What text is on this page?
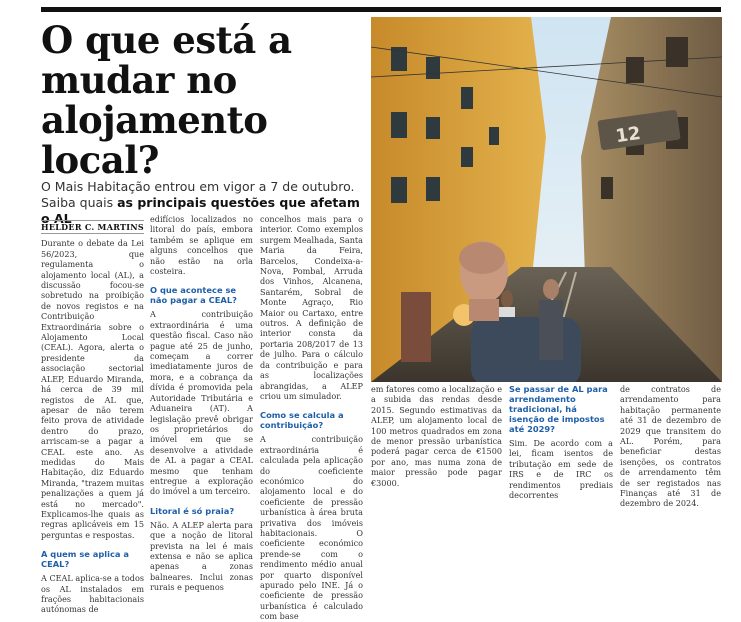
O que está a mudar no alojamento local?
12
O Mais Habitação entrou em vigor a 7 de outubro. Saiba quais as principais questões que afetam o AL
HELDER C. MARTINS

Durante o debate da Lei 56/2023, que regulamenta o alojamento local (AL), a discussão focou-se sobretudo na proibição de novos registos e na Contribuição Extraordinária sobre o Alojamento Local (CEAL). Agora, alerta o presidente da associação sectorial ALEP, Eduardo Miranda, há cerca de 39 mil registos de AL que, apesar de não terem feito prova de atividade dentro do prazo, arriscam-se a pagar a CEAL este ano. As medidas do Mais Habitação, diz Eduardo Miranda, "trazem muitas penalizações a quem já está no mercado". Explicamos-lhe quais as regras aplicáveis em 15 perguntas e respostas.

A quem se aplica a CEAL?

A CEAL aplica-se a todos os AL instalados em frações habitacionais autónomas de

edifícios localizados no litoral do país, embora também se aplique em alguns concelhos que não estão na orla costeira.

O que acontece se não pagar a CEAL?

A contribuição extraordinária é uma questão fiscal. Caso não pague até 25 de junho, começam a correr imediatamente juros de mora, e a cobrança da dívida é promovida pela Autoridade Tributária e Aduaneira (AT). A legislação prevê obrigar os proprietários do imóvel em que se desenvolve a atividade de AL a pagar a CEAL mesmo que tenham entregue a exploração do imóvel a um terceiro.

Litoral é só praia?

Não. A ALEP alerta para que a noção de litoral prevista na lei é mais extensa e não se aplica apenas a zonas balneares. Inclui zonas rurais e pequenos

concelhos mais para o interior. Como exemplos surgem Mealhada, Santa Maria da Feira, Barcelos, Condeixa-a-Nova, Pombal, Arruda dos Vinhos, Alcanena, Santarém, Sobral de Monte Agraço, Rio Maior ou Cartaxo, entre outros. A definição de interior consta da portaria 208/2017 de 13 de julho. Para o cálculo da contribuição e para as localizações abrangidas, a ALEP criou um simulador.

Como se calcula a contribuição?

A contribuição extraordinária é calculada pela aplicação do coeficiente económico do alojamento local e do coeficiente de pressão urbanística à área bruta privativa dos imóveis habitacionais. O coeficiente económico prende-se com o rendimento médio anual por quarto disponível apurado pelo INE. Já o coeficiente de pressão urbanística é calculado com base

em fatores como a localização e a subida das rendas desde 2015. Segundo estimativas da ALEP, um alojamento local de 100 metros quadrados em zona de menor pressão urbanística poderá pagar cerca de €1500 por ano, mas numa zona de maior pressão pode pagar €3000.

Se passar de AL para arrendamento tradicional, há isenção de impostos até 2029?

Sim. De acordo com a lei, ficam isentos de tributação em sede de IRS e de IRC os rendimentos prediais decorrentes

de contratos de arrendamento para habitação permanente até 31 de dezembro de 2029 que transitem do AL. Porém, para beneficiar destas isenções, os contratos de arrendamento têm de ser registados nas Finanças até 31 de dezembro de 2024.
